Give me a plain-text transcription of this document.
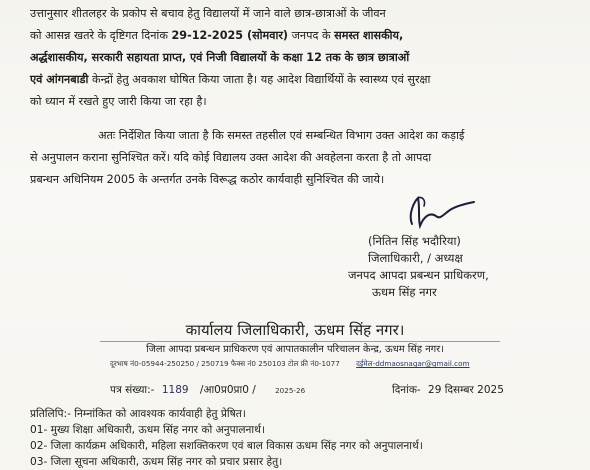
उत्तानुसार शीतलहर के प्रकोप से बचाव हेतु विद्यालयों में जाने वाले छात्र-छात्राओं के जीवन
को आसन्न खतरे के दृष्टिगत दिनांक 29-12-2025 (सोमवार) जनपद के समस्त शासकीय,
अर्द्धशासकीय, सरकारी सहायता प्राप्त, एवं निजी विद्यालयों के कक्षा 12 तक के छात्र छात्राओं
एवं आंगनबाडी केन्द्रों हेतु अवकाश घोषित किया जाता है। यह आदेश विद्यार्थियों के स्वास्थ्य एवं सुरक्षा
को ध्यान में रखते हुए जारी किया जा रहा है।
अतः निर्देशित किया जाता है कि समस्त तहसील एवं सम्बन्धित विभाग उक्त आदेश का कड़ाई
से अनुपालन कराना सुनिश्चित करें। यदि कोई विद्यालय उक्त आदेश की अवहेलना करता है तो आपदा
प्रबन्धन अधिनियम 2005 के अन्तर्गत उनके विरूद्ध कठोर कार्यवाही सुनिश्चित की जाये।
(नितिन सिंह भदौरिया)
जिलाधिकारी, / अध्यक्ष
जनपद आपदा प्रबन्धन प्राधिकरण,
ऊधम सिंह नगर
कार्यालय जिलाधिकारी, ऊधम सिंह नगर।
जिला आपदा प्रबन्धन प्राधिकरण एवं आपातकालीन परिचालन केन्द्र, ऊधम सिंह नगर।
दूरभाष नं0-05944-250250 / 250719 फैक्स नं0 250103 टोल फ्री नं0-1077 दईमेल-ddmaosnagar@gmail.com
पत्र संख्या:- 1189 /आ0प्र0प्रा0 /	2025-26	दिनांक- 29 दिसम्बर 2025
प्रतिलिपि:- निम्नांकित को आवश्यक कार्यवाही हेतु प्रेषित।
01- मुख्य शिक्षा अधिकारी, ऊधम सिंह नगर को अनुपालनार्थ।
02- जिला कार्यक्रम अधिकारी, महिला सशक्तिकरण एवं बाल विकास ऊधम सिंह नगर को अनुपालनार्थ।
03- जिला सूचना अधिकारी, ऊधम सिंह नगर को प्रचार प्रसार हेतु।
